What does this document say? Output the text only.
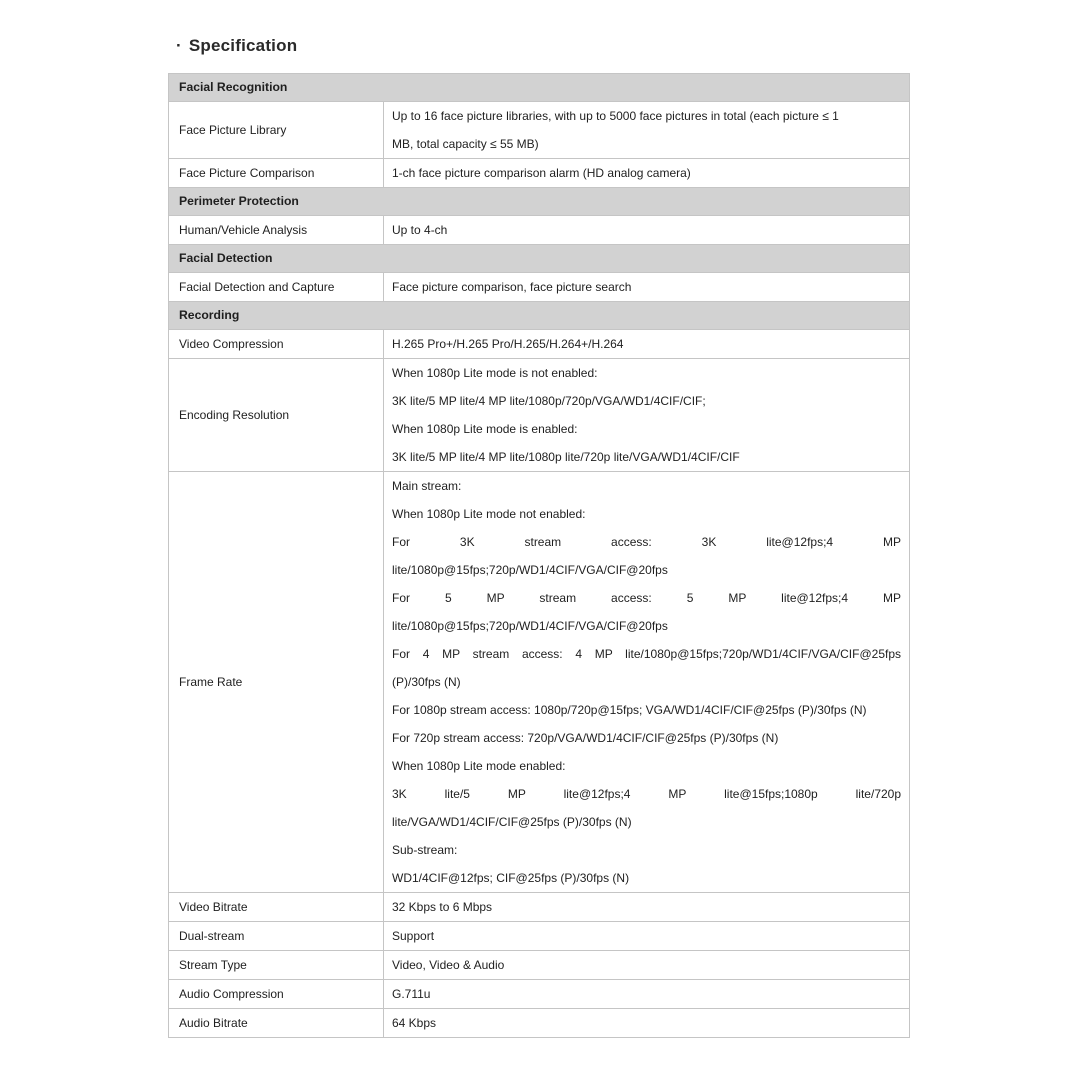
· Specification
Facial Recognition	
Face Picture Library	Up to 16 face picture libraries, with up to 5000 face pictures in total (each picture ≤ 1
MB, total capacity ≤ 55 MB)

Face Picture Comparison	1-ch face picture comparison alarm (HD analog camera)

Perimeter Protection	
Human/Vehicle Analysis	Up to 4-ch

Facial Detection	
Facial Detection and Capture	Face picture comparison, face picture search

Recording	
Video Compression	H.265 Pro+/H.265 Pro/H.265/H.264+/H.264

Encoding Resolution	When 1080p Lite mode is not enabled:
3K lite/5 MP lite/4 MP lite/1080p/720p/VGA/WD1/4CIF/CIF;
When 1080p Lite mode is enabled:
3K lite/5 MP lite/4 MP lite/1080p lite/720p lite/VGA/WD1/4CIF/CIF

Frame Rate	
Main stream:
When 1080p Lite mode not enabled:
For 3K stream access: 3K lite@12fps;4 MP
lite/1080p@15fps;720p/WD1/4CIF/VGA/CIF@20fps
For 5 MP stream access: 5 MP lite@12fps;4 MP
lite/1080p@15fps;720p/WD1/4CIF/VGA/CIF@20fps
For 4 MP stream access: 4 MP lite/1080p@15fps;720p/WD1/4CIF/VGA/CIF@25fps
(P)/30fps (N)
For 1080p stream access: 1080p/720p@15fps; VGA/WD1/4CIF/CIF@25fps (P)/30fps (N)
For 720p stream access: 720p/VGA/WD1/4CIF/CIF@25fps (P)/30fps (N)
When 1080p Lite mode enabled:
3K lite/5 MP lite@12fps;4 MP lite@15fps;1080p lite/720p
lite/VGA/WD1/4CIF/CIF@25fps (P)/30fps (N)
Sub-stream:
WD1/4CIF@12fps; CIF@25fps (P)/30fps (N)

Video Bitrate	32 Kbps to 6 Mbps

Dual-stream	Support

Stream Type	Video, Video & Audio

Audio Compression	G.711u

Audio Bitrate	64 Kbps
